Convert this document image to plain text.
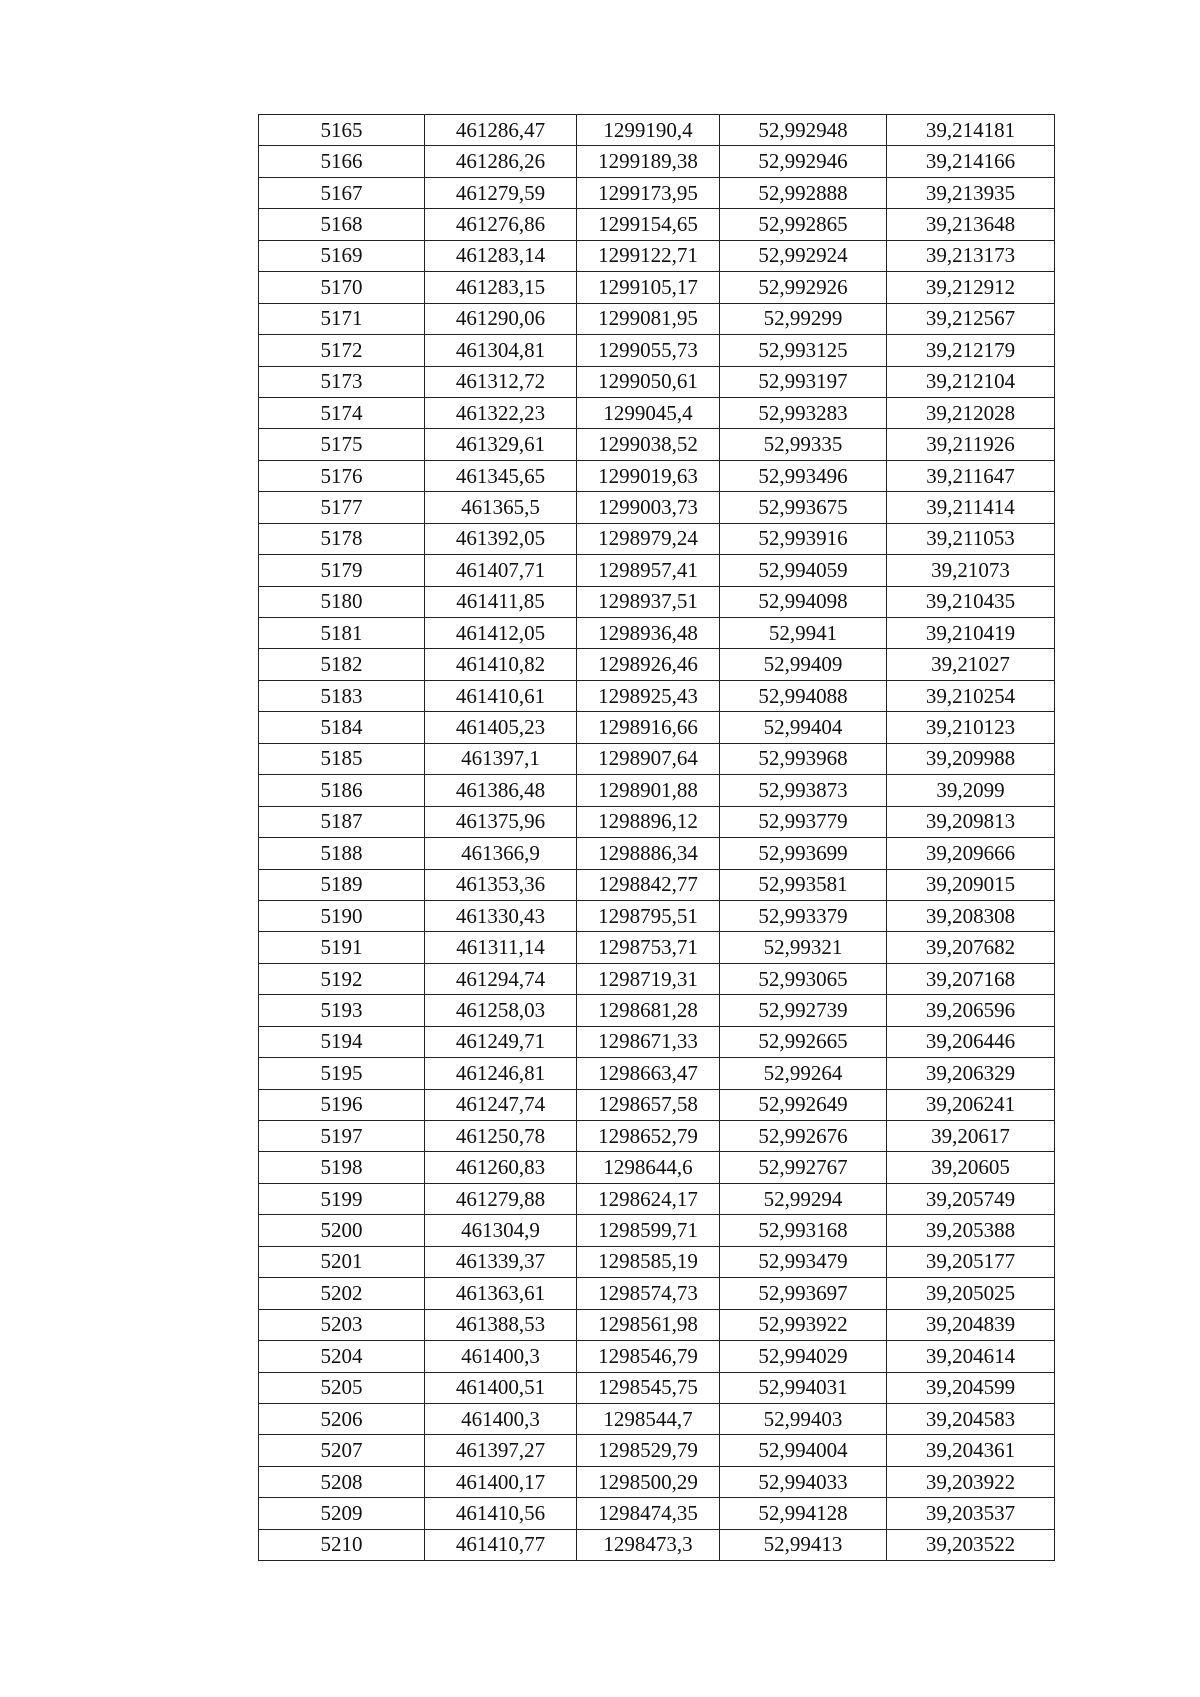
5165	461286,47	1299190,4	52,992948	39,214181
5166	461286,26	1299189,38	52,992946	39,214166
5167	461279,59	1299173,95	52,992888	39,213935
5168	461276,86	1299154,65	52,992865	39,213648
5169	461283,14	1299122,71	52,992924	39,213173
5170	461283,15	1299105,17	52,992926	39,212912
5171	461290,06	1299081,95	52,99299	39,212567
5172	461304,81	1299055,73	52,993125	39,212179
5173	461312,72	1299050,61	52,993197	39,212104
5174	461322,23	1299045,4	52,993283	39,212028
5175	461329,61	1299038,52	52,99335	39,211926
5176	461345,65	1299019,63	52,993496	39,211647
5177	461365,5	1299003,73	52,993675	39,211414
5178	461392,05	1298979,24	52,993916	39,211053
5179	461407,71	1298957,41	52,994059	39,21073
5180	461411,85	1298937,51	52,994098	39,210435
5181	461412,05	1298936,48	52,9941	39,210419
5182	461410,82	1298926,46	52,99409	39,21027
5183	461410,61	1298925,43	52,994088	39,210254
5184	461405,23	1298916,66	52,99404	39,210123
5185	461397,1	1298907,64	52,993968	39,209988
5186	461386,48	1298901,88	52,993873	39,2099
5187	461375,96	1298896,12	52,993779	39,209813
5188	461366,9	1298886,34	52,993699	39,209666
5189	461353,36	1298842,77	52,993581	39,209015
5190	461330,43	1298795,51	52,993379	39,208308
5191	461311,14	1298753,71	52,99321	39,207682
5192	461294,74	1298719,31	52,993065	39,207168
5193	461258,03	1298681,28	52,992739	39,206596
5194	461249,71	1298671,33	52,992665	39,206446
5195	461246,81	1298663,47	52,99264	39,206329
5196	461247,74	1298657,58	52,992649	39,206241
5197	461250,78	1298652,79	52,992676	39,20617
5198	461260,83	1298644,6	52,992767	39,20605
5199	461279,88	1298624,17	52,99294	39,205749
5200	461304,9	1298599,71	52,993168	39,205388
5201	461339,37	1298585,19	52,993479	39,205177
5202	461363,61	1298574,73	52,993697	39,205025
5203	461388,53	1298561,98	52,993922	39,204839
5204	461400,3	1298546,79	52,994029	39,204614
5205	461400,51	1298545,75	52,994031	39,204599
5206	461400,3	1298544,7	52,99403	39,204583
5207	461397,27	1298529,79	52,994004	39,204361
5208	461400,17	1298500,29	52,994033	39,203922
5209	461410,56	1298474,35	52,994128	39,203537
5210	461410,77	1298473,3	52,99413	39,203522
